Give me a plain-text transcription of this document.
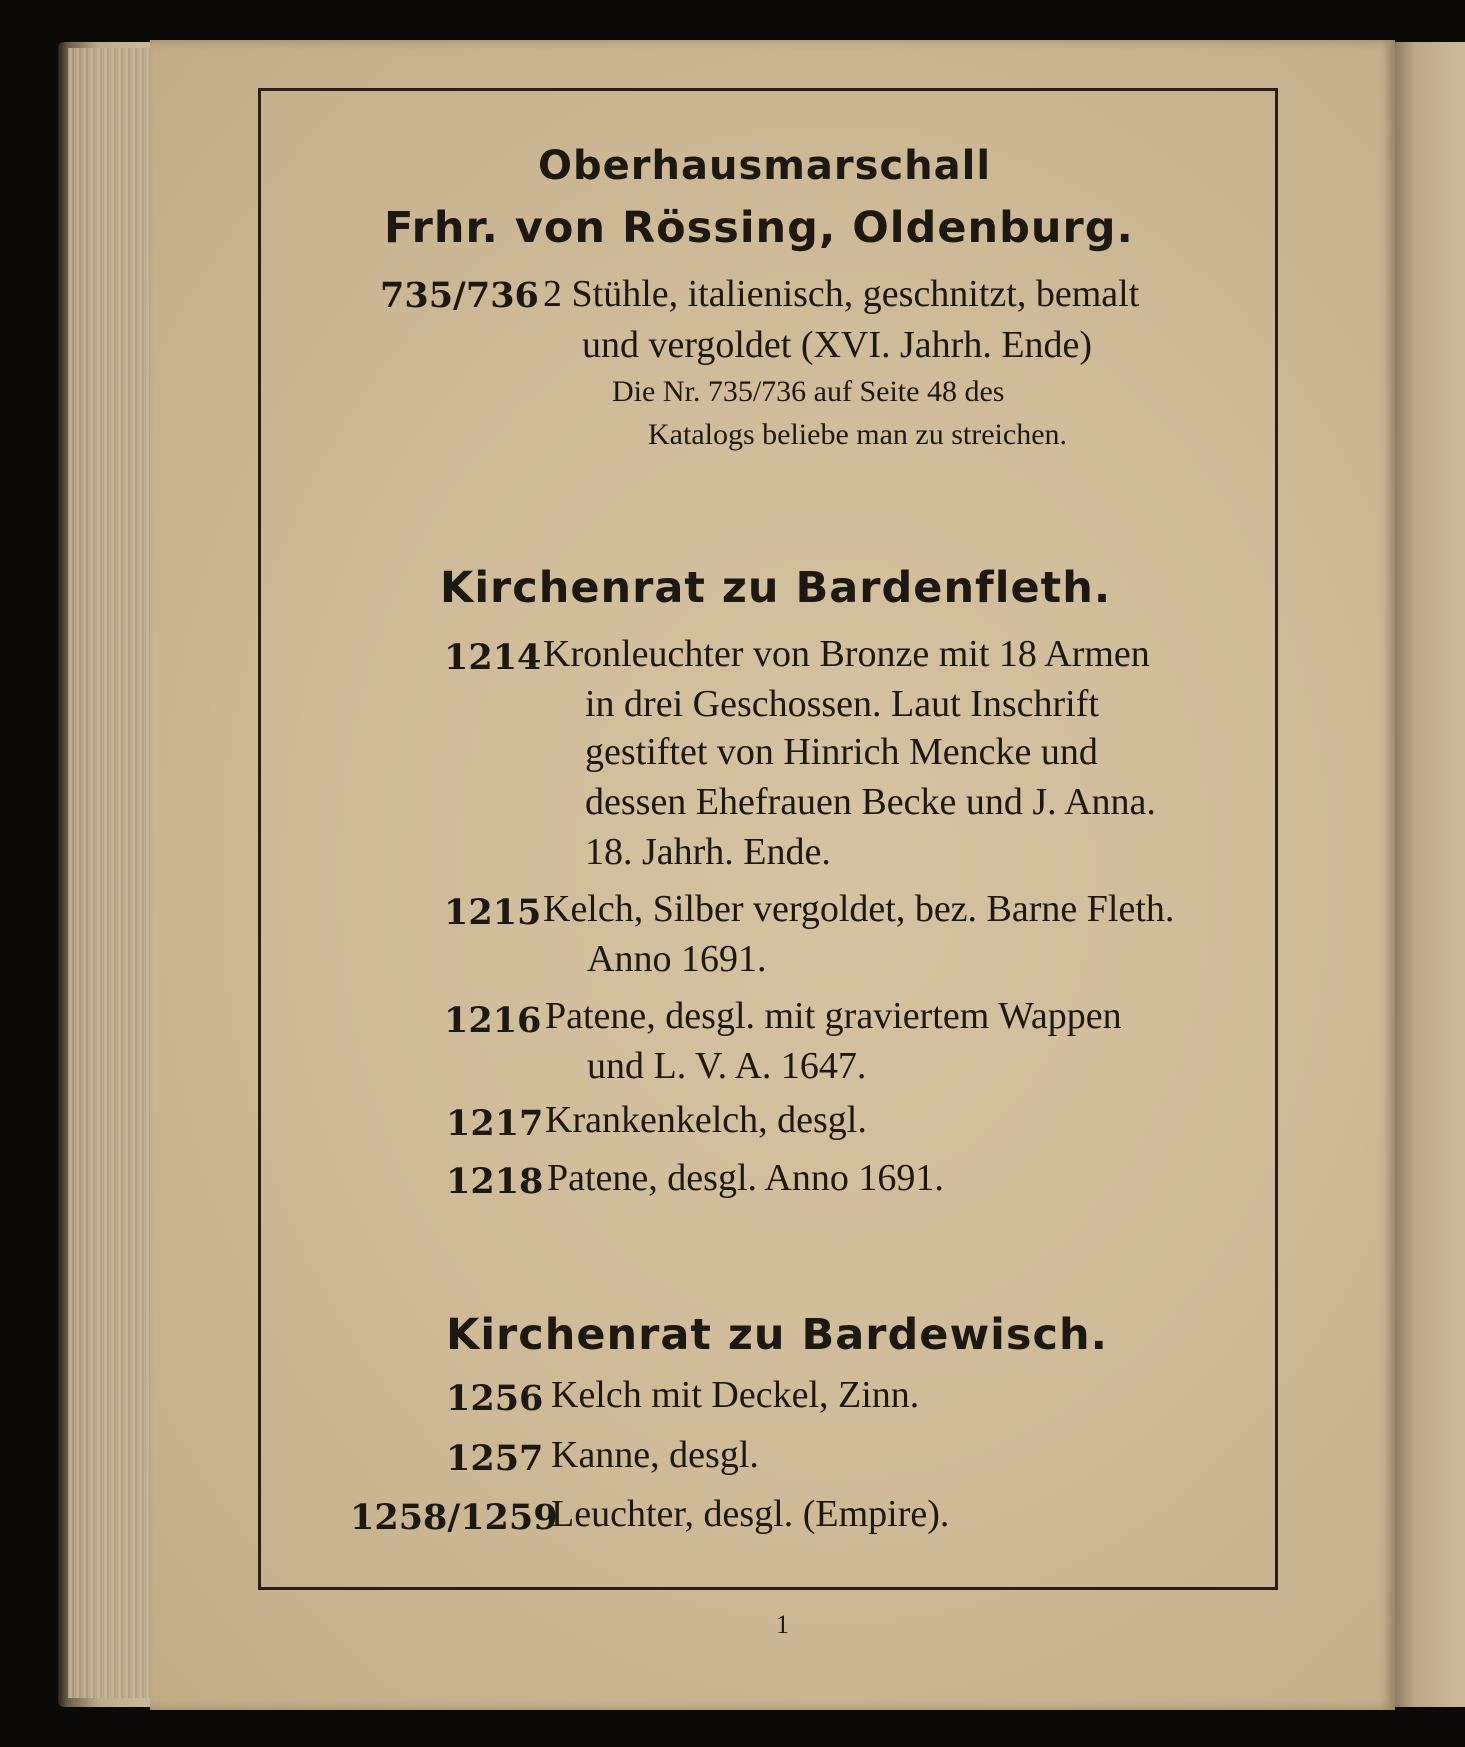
Oberhausmarschall
Frhr. von Rössing, Oldenburg.
735/736 2 Stühle, italienisch, geschnitzt, bemalt
und vergoldet (XVI. Jahrh. Ende)
Die Nr. 735/736 auf Seite 48 des
Katalogs beliebe man zu streichen.
Kirchenrat zu Bardenfleth.
1214 Kronleuchter von Bronze mit 18 Armen
in drei Geschossen. Laut Inschrift
gestiftet von Hinrich Mencke und
dessen Ehefrauen Becke und J. Anna.
18. Jahrh. Ende.
1215 Kelch, Silber vergoldet, bez. Barne Fleth.
Anno 1691.
1216 Patene, desgl. mit graviertem Wappen
und L. V. A. 1647.
1217 Krankenkelch, desgl.
1218 Patene, desgl. Anno 1691.
Kirchenrat zu Bardewisch.
1256 Kelch mit Deckel, Zinn.
1257 Kanne, desgl.
1258/1259
Leuchter, desgl. (Empire).
1
